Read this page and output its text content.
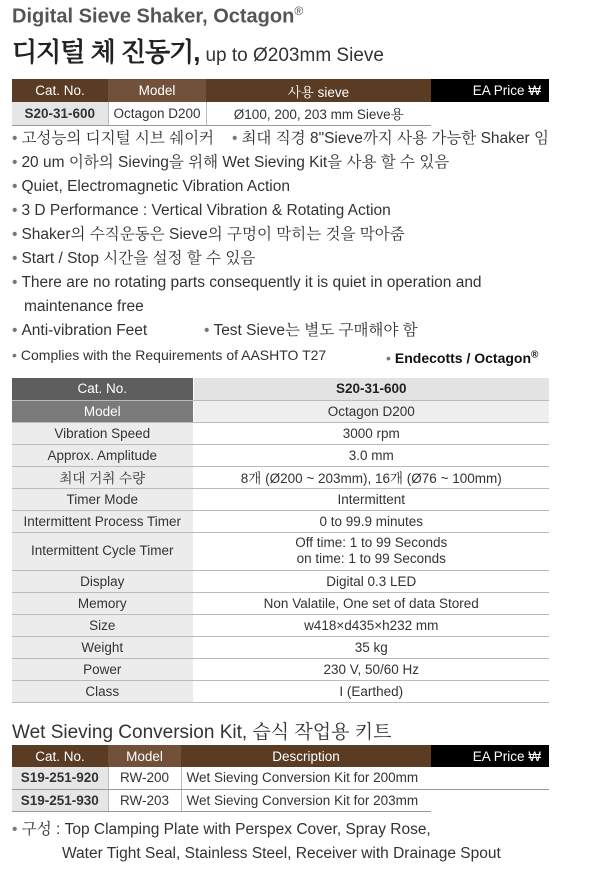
Digital Sieve Shaker, Octagon®
디지털 체 진동기, up to Ø203mm Sieve
Cat. No.	Model	사용 sieve	EA Price ₩
S20-31-600	Octagon D200	Ø100, 200, 203 mm Sieve용	
• 고성능의 디지털 시브 쉐이커 • 최대 직경 8"Sieve까지 사용 가능한 Shaker 임
• 20 um 이하의 Sieving을 위해 Wet Sieving Kit을 사용 할 수 있음
• Quiet, Electromagnetic Vibration Action
• 3 D Performance : Vertical Vibration & Rotating Action
• Shaker의 수직운동은 Sieve의 구멍이 막히는 것을 막아줌
• Start / Stop 시간을 설정 할 수 있음
• There are no rotating parts consequently it is quiet in operation and
maintenance free
• Anti-vibration Feet	• Test Sieve는 별도 구매해야 함
• Complies with the Requirements of AASHTO T27	• Endecotts / Octagon®
Cat. No.	S20-31-600
Model	Octagon D200
Vibration Speed	3000 rpm
Approx. Amplitude	3.0 mm
최대 거취 수량	8개 (Ø200 ~ 203mm), 16개 (Ø76 ~ 100mm)
Timer Mode	Intermittent
Intermittent Process Timer	0 to 99.9 minutes
Intermittent Cycle Timer	Off time: 1 to 99 Seconds
on time: 1 to 99 Seconds

Display	Digital 0.3 LED
Memory	Non Valatile, One set of data Stored
Size	w418×d435×h232 mm
Weight	35 kg
Power	230 V, 50/60 Hz
Class	I (Earthed)
Wet Sieving Conversion Kit, 습식 작업용 키트
Cat. No.	Model	Description	EA Price ₩
S19-251-920	RW-200	Wet Sieving Conversion Kit for 200mm	
S19-251-930	RW-203	Wet Sieving Conversion Kit for 203mm	
• 구성 : Top Clamping Plate with Perspex Cover, Spray Rose,
Water Tight Seal, Stainless Steel, Receiver with Drainage Spout
